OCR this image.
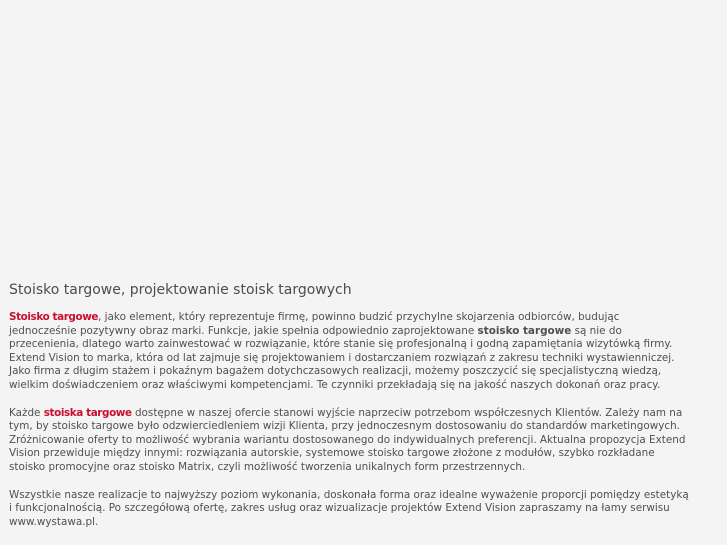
Stoisko targowe, projektowanie stoisk targowych

Stoisko targowe, jako element, który reprezentuje firmę, powinno budzić przychylne skojarzenia odbiorców, budując jednocześnie pozytywny obraz marki. Funkcje, jakie spełnia odpowiednio zaprojektowane stoisko targowe są nie do przecenienia, dlatego warto zainwestować w rozwiązanie, które stanie się profesjonalną i godną zapamiętania wizytówką firmy. Extend Vision to marka, która od lat zajmuje się projektowaniem i dostarczaniem rozwiązań z zakresu techniki wystawienniczej. Jako firma z długim stażem i pokaźnym bagażem dotychczasowych realizacji, możemy poszczycić się specjalistyczną wiedzą, wielkim doświadczeniem oraz właściwymi kompetencjami. Te czynniki przekładają się na jakość naszych dokonań oraz pracy.

Każde stoiska targowe dostępne w naszej ofercie stanowi wyjście naprzeciw potrzebom współczesnych Klientów. Zależy nam na tym, by stoisko targowe było odzwierciedleniem wizji Klienta, przy jednoczesnym dostosowaniu do standardów marketingowych. Zróżnicowanie oferty to możliwość wybrania wariantu dostosowanego do indywidualnych preferencji. Aktualna propozycja Extend Vision przewiduje między innymi: rozwiązania autorskie, systemowe stoisko targowe złożone z modułów, szybko rozkładane stoisko promocyjne oraz stoisko Matrix, czyli możliwość tworzenia unikalnych form przestrzennych.

Wszystkie nasze realizacje to najwyższy poziom wykonania, doskonała forma oraz idealne wyważenie proporcji pomiędzy estetyką i funkcjonalnością. Po szczegółową ofertę, zakres usług oraz wizualizacje projektów Extend Vision zapraszamy na łamy serwisu www.wystawa.pl.
